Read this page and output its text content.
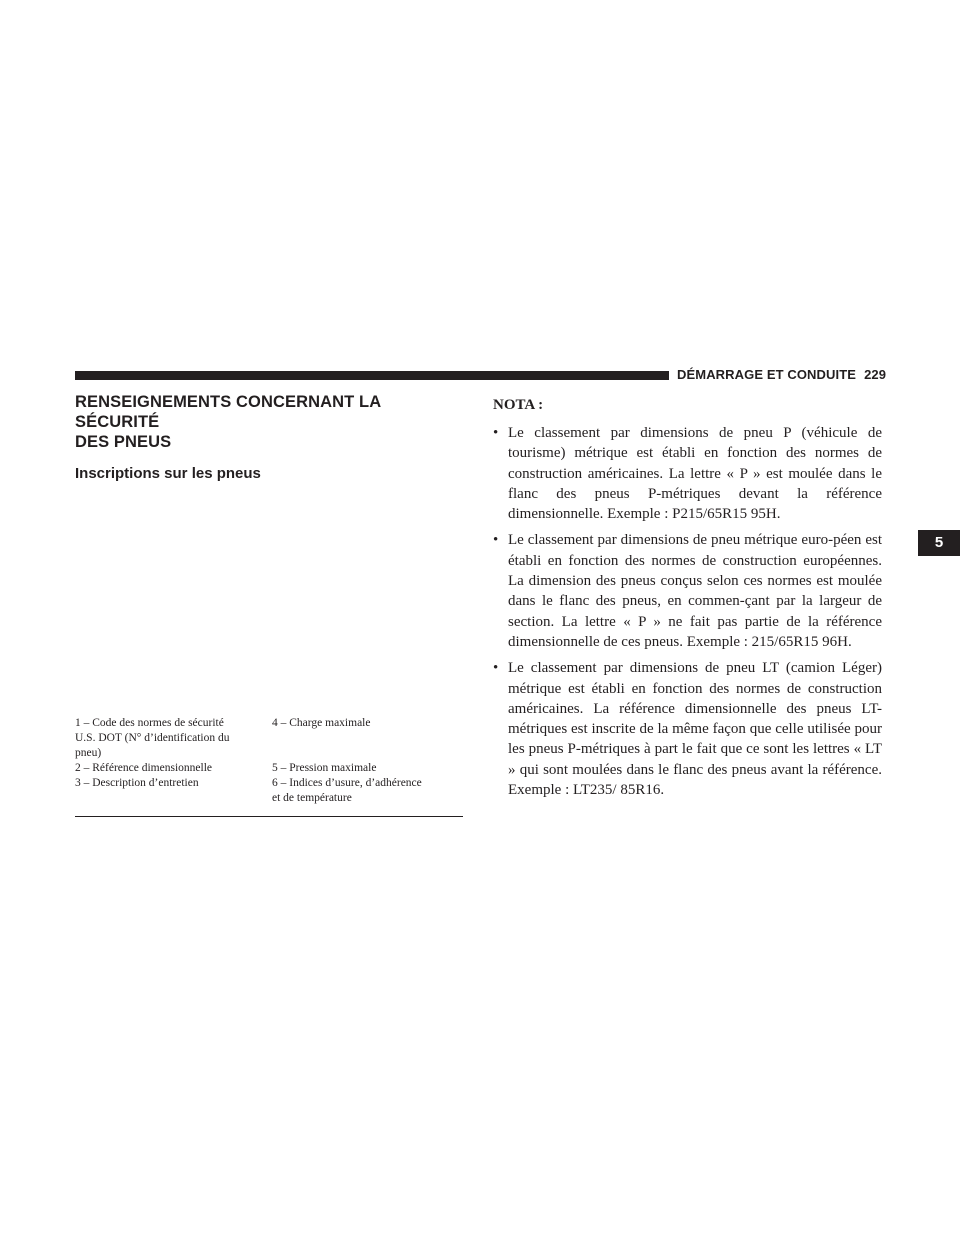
DÉMARRAGE ET CONDUITE 229
5
RENSEIGNEMENTS CONCERNANT LA SÉCURITÉ
DES PNEUS
Inscriptions sur les pneus
1 – Code des normes de sécurité
U.S. DOT (N° d’identification du
pneu)
4 – Charge maximale
2 – Référence dimensionnelle	5 – Pression maximale
3 – Description d’entretien	6 – Indices d’usure, d’adhérence
et de température

NOTA :

• Le classement par dimensions de pneu P (véhicule de tourisme) métrique est établi en fonction des normes de construction américaines. La lettre « P » est moulée dans le flanc des pneus P-métriques devant la référence dimensionnelle. Exemple : P215/65R15 95H.
• Le classement par dimensions de pneu métrique euro-péen est établi en fonction des normes de construction européennes. La dimension des pneus conçus selon ces normes est moulée dans le flanc des pneus, en commen-çant par la largeur de section. La lettre « P » ne fait pas partie de la référence dimensionnelle de ces pneus. Exemple : 215/65R15 96H.
• Le classement par dimensions de pneu LT (camion Léger) métrique est établi en fonction des normes de construction américaines. La référence dimensionnelle des pneus LT-métriques est inscrite de la même façon que celle utilisée pour les pneus P-métriques à part le fait que ce sont les lettres « LT » qui sont moulées dans le flanc des pneus avant la référence. Exemple : LT235/ 85R16.
